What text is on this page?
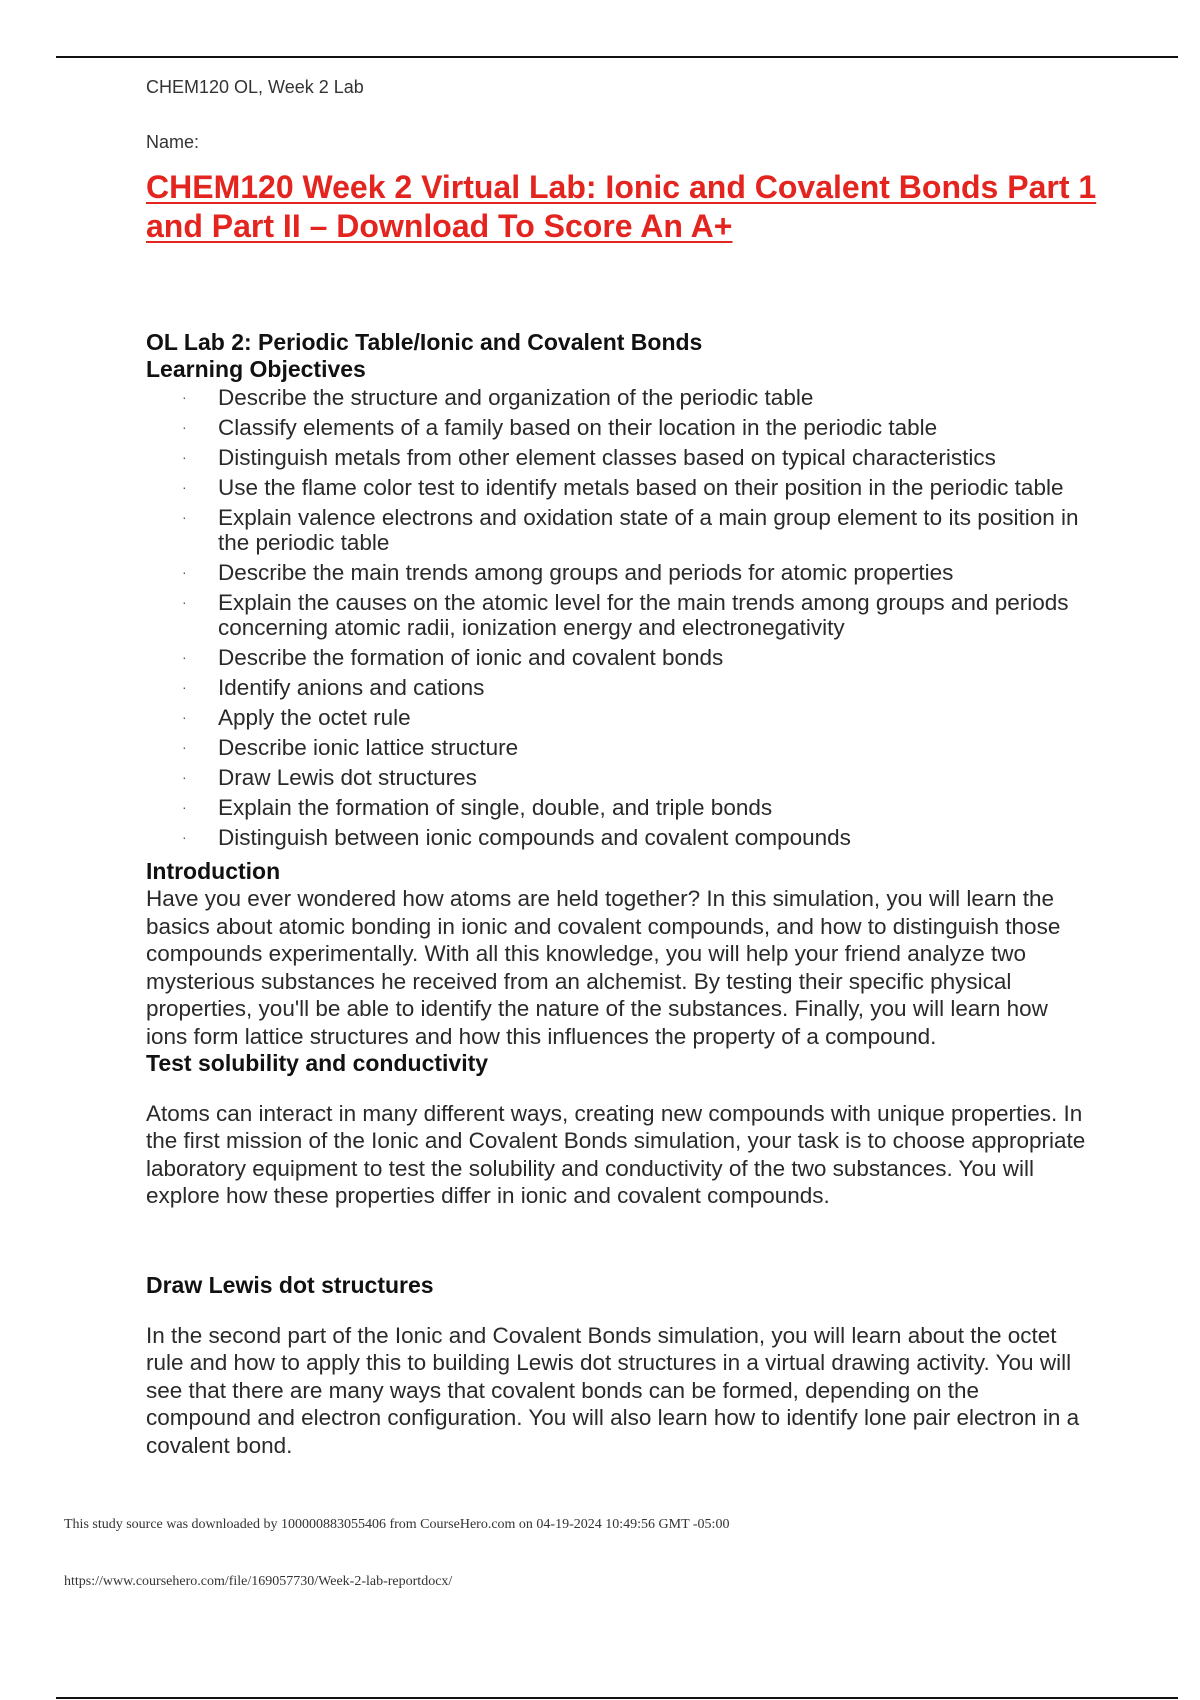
CHEM120 OL, Week 2 Lab
Name:
CHEM120 Week 2 Virtual Lab: Ionic and Covalent Bonds Part 1 and Part II – Download To Score An A+
OL Lab 2: Periodic Table/Ionic and Covalent Bonds
Learning Objectives
· Describe the structure and organization of the periodic table
· Classify elements of a family based on their location in the periodic table
· Distinguish metals from other element classes based on typical characteristics
· Use the flame color test to identify metals based on their position in the periodic table
· Explain valence electrons and oxidation state of a main group element to its position in the periodic table
· Describe the main trends among groups and periods for atomic properties
· Explain the causes on the atomic level for the main trends among groups and periods concerning atomic radii, ionization energy and electronegativity
· Describe the formation of ionic and covalent bonds
· Identify anions and cations
· Apply the octet rule
· Describe ionic lattice structure
· Draw Lewis dot structures
· Explain the formation of single, double, and triple bonds
· Distinguish between ionic compounds and covalent compounds
Introduction

Have you ever wondered how atoms are held together? In this simulation, you will learn the basics about atomic bonding in ionic and covalent compounds, and how to distinguish those compounds experimentally. With all this knowledge, you will help your friend analyze two mysterious substances he received from an alchemist. By testing their specific physical properties, you'll be able to identify the nature of the substances. Finally, you will learn how ions form lattice structures and how this influences the property of a compound.

Test solubility and conductivity

Atoms can interact in many different ways, creating new compounds with unique properties. In the first mission of the Ionic and Covalent Bonds simulation, your task is to choose appropriate laboratory equipment to test the solubility and conductivity of the two substances. You will explore how these properties differ in ionic and covalent compounds.

Draw Lewis dot structures

In the second part of the Ionic and Covalent Bonds simulation, you will learn about the octet rule and how to apply this to building Lewis dot structures in a virtual drawing activity. You will see that there are many ways that covalent bonds can be formed, depending on the compound and electron configuration. You will also learn how to identify lone pair electron in a covalent bond.

This study source was downloaded by 100000883055406 from CourseHero.com on 04-19-2024 10:49:56 GMT -05:00
https://www.coursehero.com/file/169057730/Week-2-lab-reportdocx/
